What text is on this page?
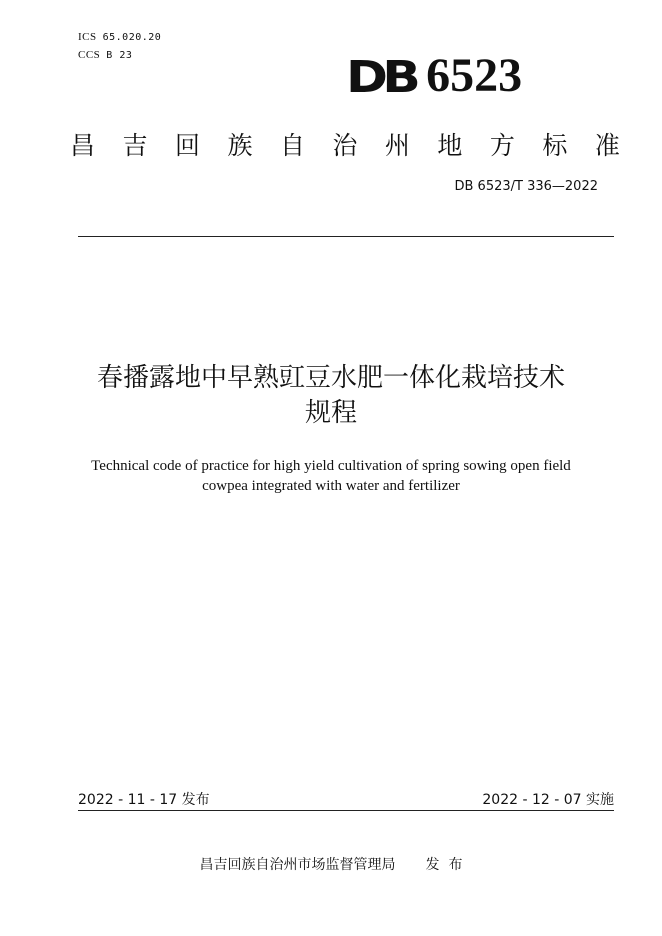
ICS 65.020.20
CCS B 23	DB 6523
昌 吉 回 族 自 治 州 地 方 标 准
DB 6523/T 336—2022
春播露地中早熟豇豆水肥一体化栽培技术
规程
Technical code of practice for high yield cultivation of spring sowing open field
cowpea integrated with water and fertilizer
2022 - 11 - 17 发布	2022 - 12 - 07 实施
昌吉回族自治州市场监督管理局 发  布
